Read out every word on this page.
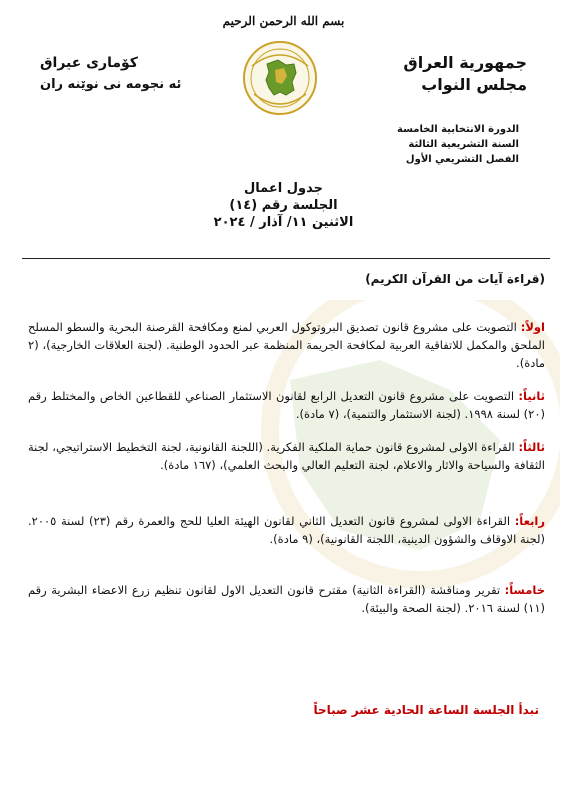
بسم الله الرحمن الرحيم
جمهورية العراق
مجلس النواب
كۆمارى عيراق
ئه نجومه نى نوێنه ران
الدورة الانتخابية الخامسة
السنة التشريعية الثالثة
الفصل التشريعي الأول
جدول اعمال
الجلسة رقم (١٤)
الاثنين ١١/ آذار / ٢٠٢٤
(قراءة آيات من القرآن الكريم)
اولاً: التصويت على مشروع قانون تصديق البروتوكول العربي لمنع ومكافحة القرصنة البحرية والسطو المسلح الملحق والمكمل للاتفاقية العربية لمكافحة الجريمة المنظمة عبر الحدود الوطنية. (لجنة العلاقات الخارجية)، (٢ مادة).
ثانياً: التصويت على مشروع قانون التعديل الرابع لقانون الاستثمار الصناعي للقطاعين الخاص والمختلط رقم (٢٠) لسنة ١٩٩٨. (لجنة الاستثمار والتنمية)، (٧ مادة).
ثالثاً: القراءة الاولى لمشروع قانون حماية الملكية الفكرية. (اللجنة القانونية، لجنة التخطيط الاستراتيجي، لجنة الثقافة والسياحة والاثار والاعلام، لجنة التعليم العالي والبحث العلمي)، (١٦٧ مادة).
رابعاً: القراءة الاولى لمشروع قانون التعديل الثاني لقانون الهيئة العليا للحج والعمرة رقم (٢٣) لسنة ٢٠٠٥. (لجنة الاوقاف والشؤون الدينية، اللجنة القانونية)، (٩ مادة).
خامساً: تقرير ومناقشة (القراءة الثانية) مقترح قانون التعديل الاول لقانون تنظيم زرع الاعضاء البشرية رقم (١١) لسنة ٢٠١٦. (لجنة الصحة والبيئة).
تبدأ الجلسة الساعة الحادية عشر صباحاً
